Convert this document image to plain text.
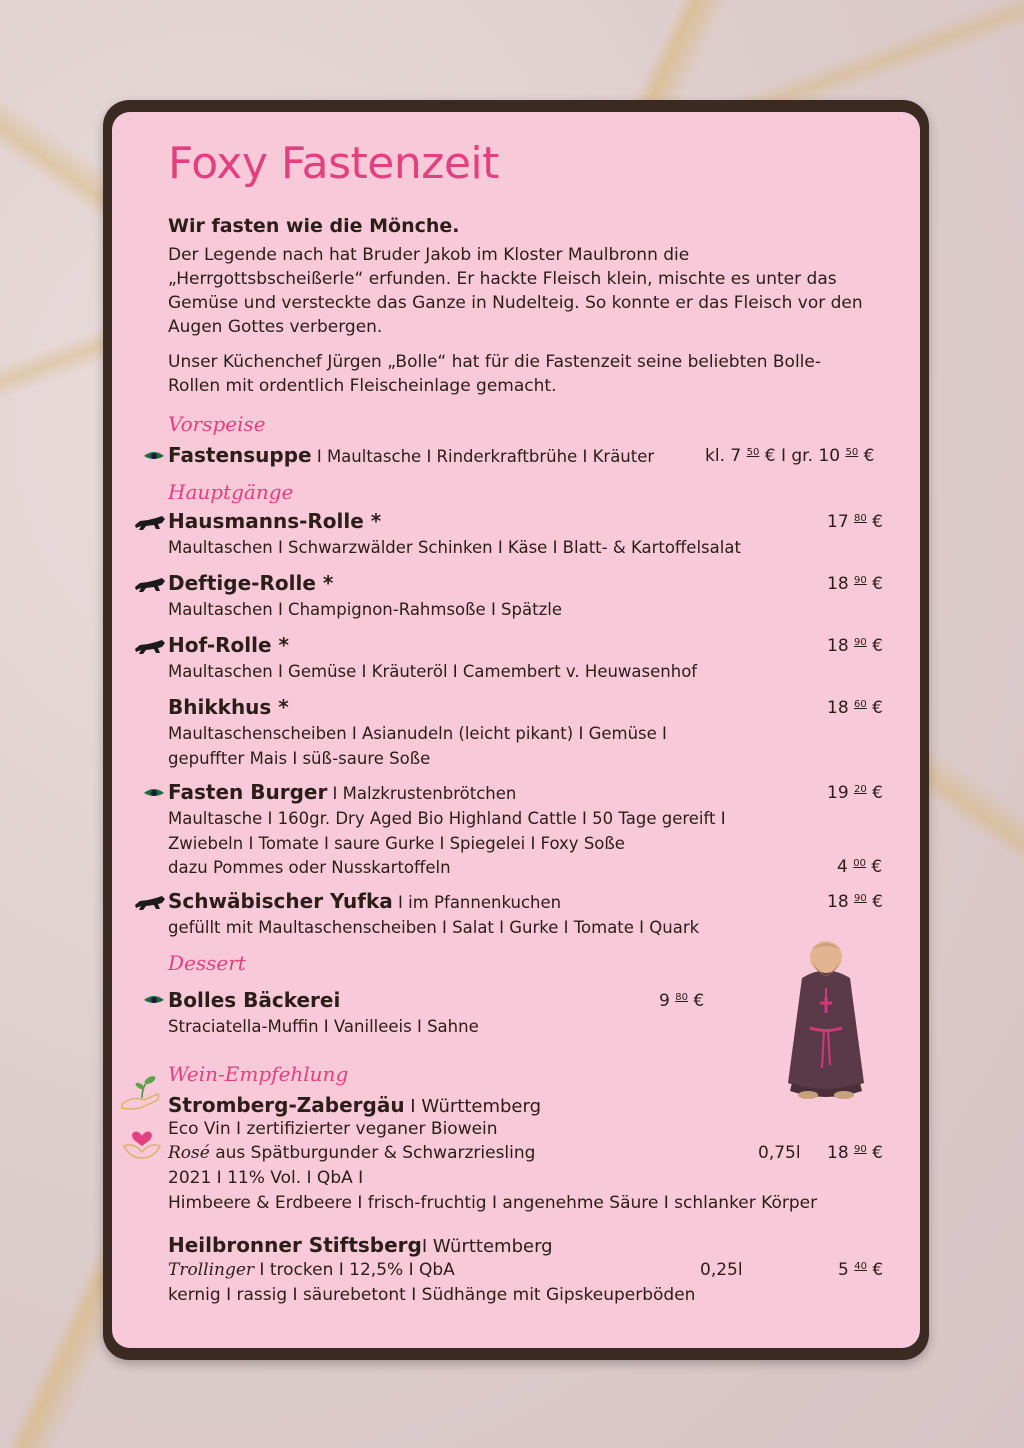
Foxy Fastenzeit
Wir fasten wie die Mönche.
Der Legende nach hat Bruder Jakob im Kloster Maulbronn die „Herrgottsbscheißerle“ erfunden. Er hackte Fleisch klein, mischte es unter das Gemüse und versteckte das Ganze in Nudelteig. So konnte er das Fleisch vor den Augen Gottes verbergen.
Unser Küchenchef Jürgen „Bolle“ hat für die Fastenzeit seine beliebten Bolle-Rollen mit ordentlich Fleischeinlage gemacht.
Vorspeise
Fastensuppe I Maultasche I Rinderkraftbrühe I Kräuter	kl. 7 $^{50}$ € I gr. 10 $^{50}$ €
Hauptgänge
Hausmanns-Rolle *
Maultaschen I Schwarzwälder Schinken I Käse I Blatt- & Kartoffelsalat
17 $^{80}$ €
Deftige-Rolle *
Maultaschen I Champignon-Rahmsoße I Spätzle
18 $^{90}$ €
Hof-Rolle *
Maultaschen I Gemüse I Kräuteröl I Camembert v. Heuwasenhof
18 $^{90}$ €
Bhikkhus *
Maultaschenscheiben I Asianudeln (leicht pikant) I Gemüse I
gepuffter Mais I süß-saure Soße
18 $^{60}$ €
Fasten Burger I Malzkrustenbrötchen
Maultasche I 160gr. Dry Aged Bio Highland Cattle I 50 Tage gereift I
Zwiebeln I Tomate I saure Gurke I Spiegelei I Foxy Soße
dazu Pommes oder Nusskartoffeln
19 $^{20}$ €
4 $^{00}$ €
Schwäbischer Yufka I im Pfannenkuchen
gefüllt mit Maultaschenscheiben I Salat I Gurke I Tomate I Quark
18 $^{90}$ €
Dessert
Bolles Bäckerei
Straciatella-Muffin I Vanilleeis I Sahne
9 $^{80}$ €
Wein-Empfehlung
Stromberg-Zabergäu I Württemberg
Eco Vin I zertifizierter veganer Biowein
Rosé aus Spätburgunder & Schwarzriesling
2021 I 11% Vol. I QbA I
Himbeere & Erdbeere I frisch-fruchtig I angenehme Säure I schlanker Körper
0,75l 18 $^{90}$ €
Heilbronner StiftsbergI Württemberg
Trollinger I trocken I 12,5% I QbA
kernig I rassig I säurebetont I Südhänge mit Gipskeuperböden
0,25l	5 $^{40}$ €
